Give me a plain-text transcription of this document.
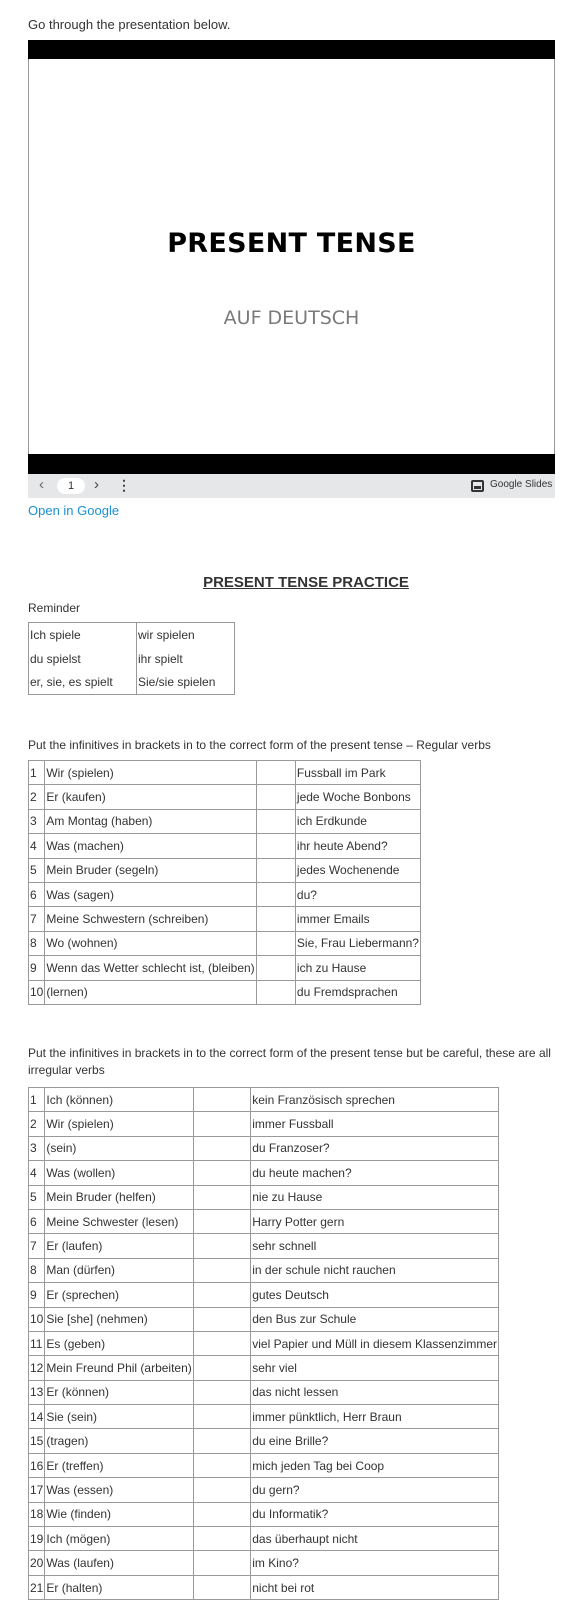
Go through the presentation below.
PRESENT TENSE
AUF DEUTSCH
‹	1	› ⋮	Google Slides
Open in Google
PRESENT TENSE PRACTICE
Reminder
Ich spiele	wir spielen
du spielst	ihr spielt
er, sie, es spielt	Sie/sie spielen
Put the infinitives in brackets in to the correct form of the present tense – Regular verbs
1	Wir (spielen)		Fussball im Park
2	Er (kaufen)		jede Woche Bonbons
3	Am Montag (haben)		ich Erdkunde
4	Was (machen)		ihr heute Abend?
5	Mein Bruder (segeln)		jedes Wochenende
6	Was (sagen)		du?
7	Meine Schwestern (schreiben)		immer Emails
8	Wo (wohnen)		Sie, Frau Liebermann?
9	Wenn das Wetter schlecht ist, (bleiben)		ich zu Hause
10	(lernen)		du Fremdsprachen
Put the infinitives in brackets in to the correct form of the present tense but be careful, these are all irregular verbs
1	Ich (können)		kein Französisch sprechen
2	Wir (spielen)		immer Fussball
3	(sein)		du Franzoser?
4	Was (wollen)		du heute machen?
5	Mein Bruder (helfen)		nie zu Hause
6	Meine Schwester (lesen)		Harry Potter gern
7	Er (laufen)		sehr schnell
8	Man (dürfen)		in der schule nicht rauchen
9	Er (sprechen)		gutes Deutsch
10	Sie [she] (nehmen)		den Bus zur Schule
11	Es (geben)		viel Papier und Müll in diesem Klassenzimmer
12	Mein Freund Phil (arbeiten)		sehr viel
13	Er (können)		das nicht lessen
14	Sie (sein)		immer pünktlich, Herr Braun
15	(tragen)		du eine Brille?
16	Er (treffen)		mich jeden Tag bei Coop
17	Was (essen)		du gern?
18	Wie (finden)		du Informatik?
19	Ich (mögen)		das überhaupt nicht
20	Was (laufen)		im Kino?
21	Er (halten)		nicht bei rot
